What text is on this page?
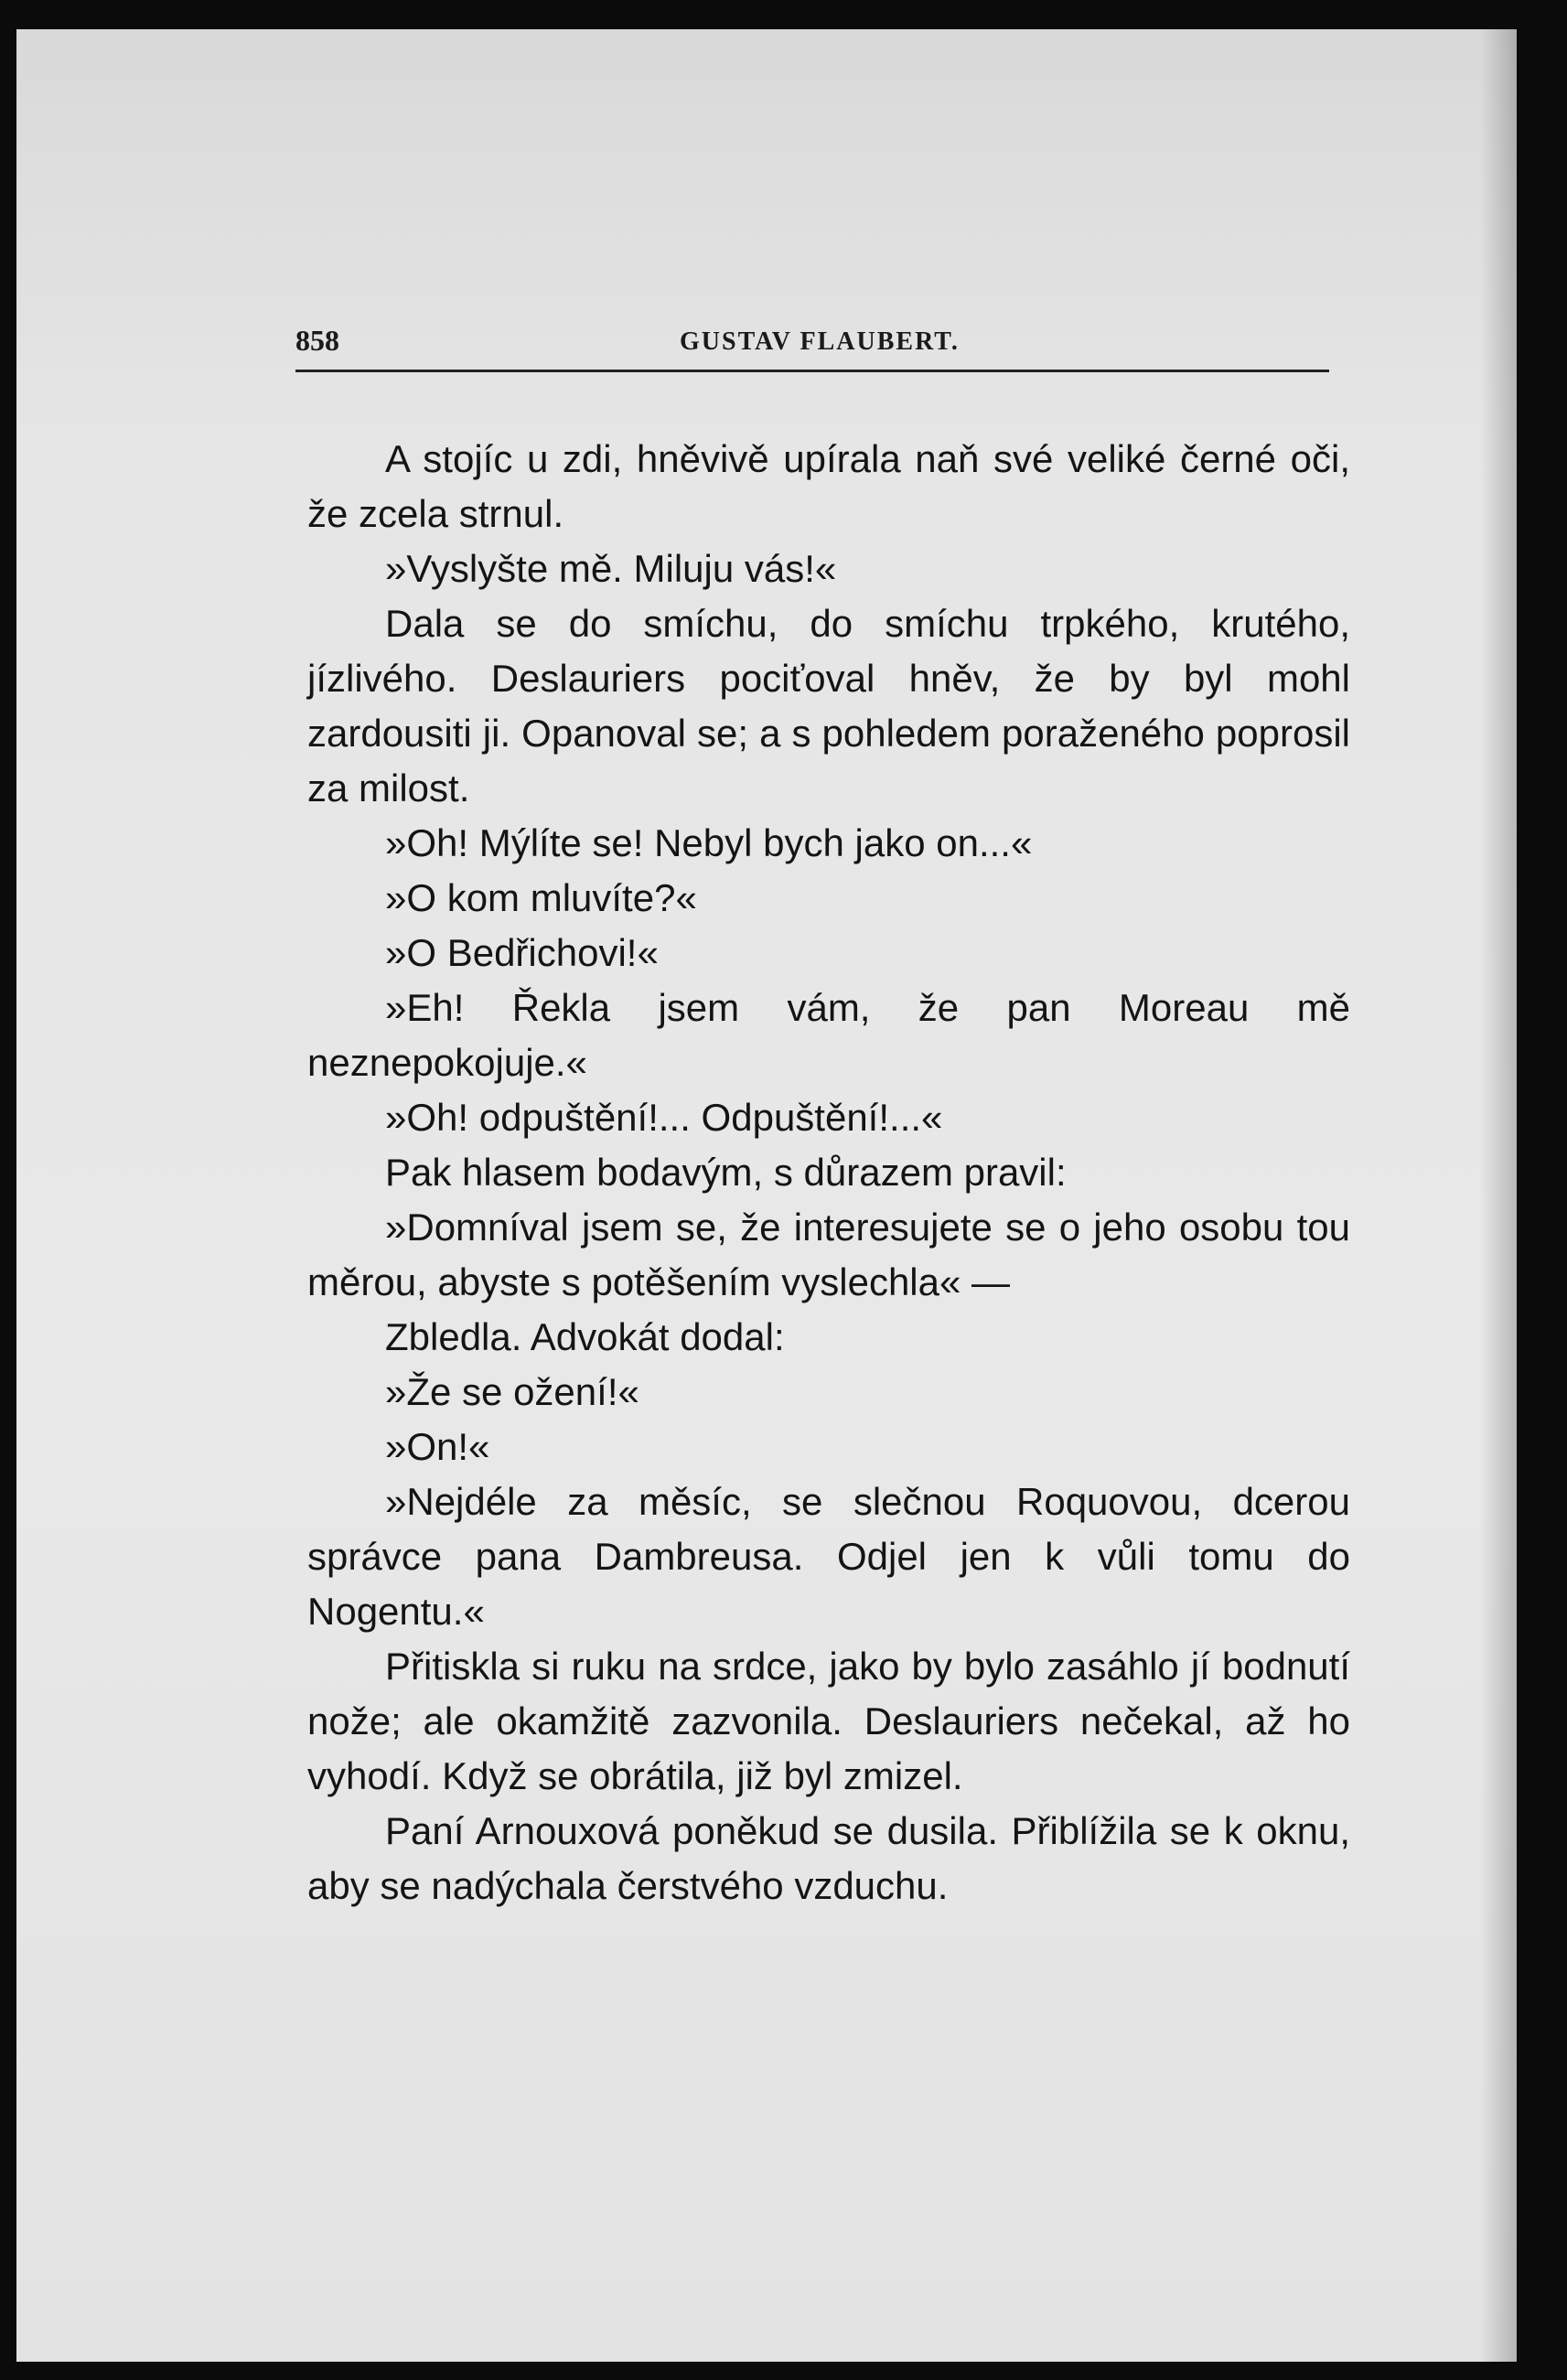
858	GUSTAV FLAUBERT.

A stojíc u zdi, hněvivě upírala naň své veliké černé oči, že zcela strnul.

»Vyslyšte mě. Miluju vás!«

Dala se do smíchu, do smíchu trpkého, krutého, jízlivého. Deslauriers pociťoval hněv, že by byl mohl zardousiti ji. Opanoval se; a s pohledem poraženého poprosil za milost.

»Oh! Mýlíte se! Nebyl bych jako on...«

»O kom mluvíte?«

»O Bedřichovi!«

»Eh! Řekla jsem vám, že pan Moreau mě neznepokojuje.«

»Oh! odpuštění!... Odpuštění!...«

Pak hlasem bodavým, s důrazem pravil:

»Domníval jsem se, že interesujete se o jeho osobu tou měrou, abyste s potěšením vyslechla« —

Zbledla. Advokát dodal:

»Že se ožení!«

»On!«

»Nejdéle za měsíc, se slečnou Roquovou, dcerou správce pana Dambreusa. Odjel jen k vůli tomu do Nogentu.«

Přitiskla si ruku na srdce, jako by bylo zasáhlo jí bodnutí nože; ale okamžitě zazvonila. Deslauriers nečekal, až ho vyhodí. Když se obrátila, již byl zmizel.

Paní Arnouxová poněkud se dusila. Přiblížila se k oknu, aby se nadýchala čerstvého vzduchu.
